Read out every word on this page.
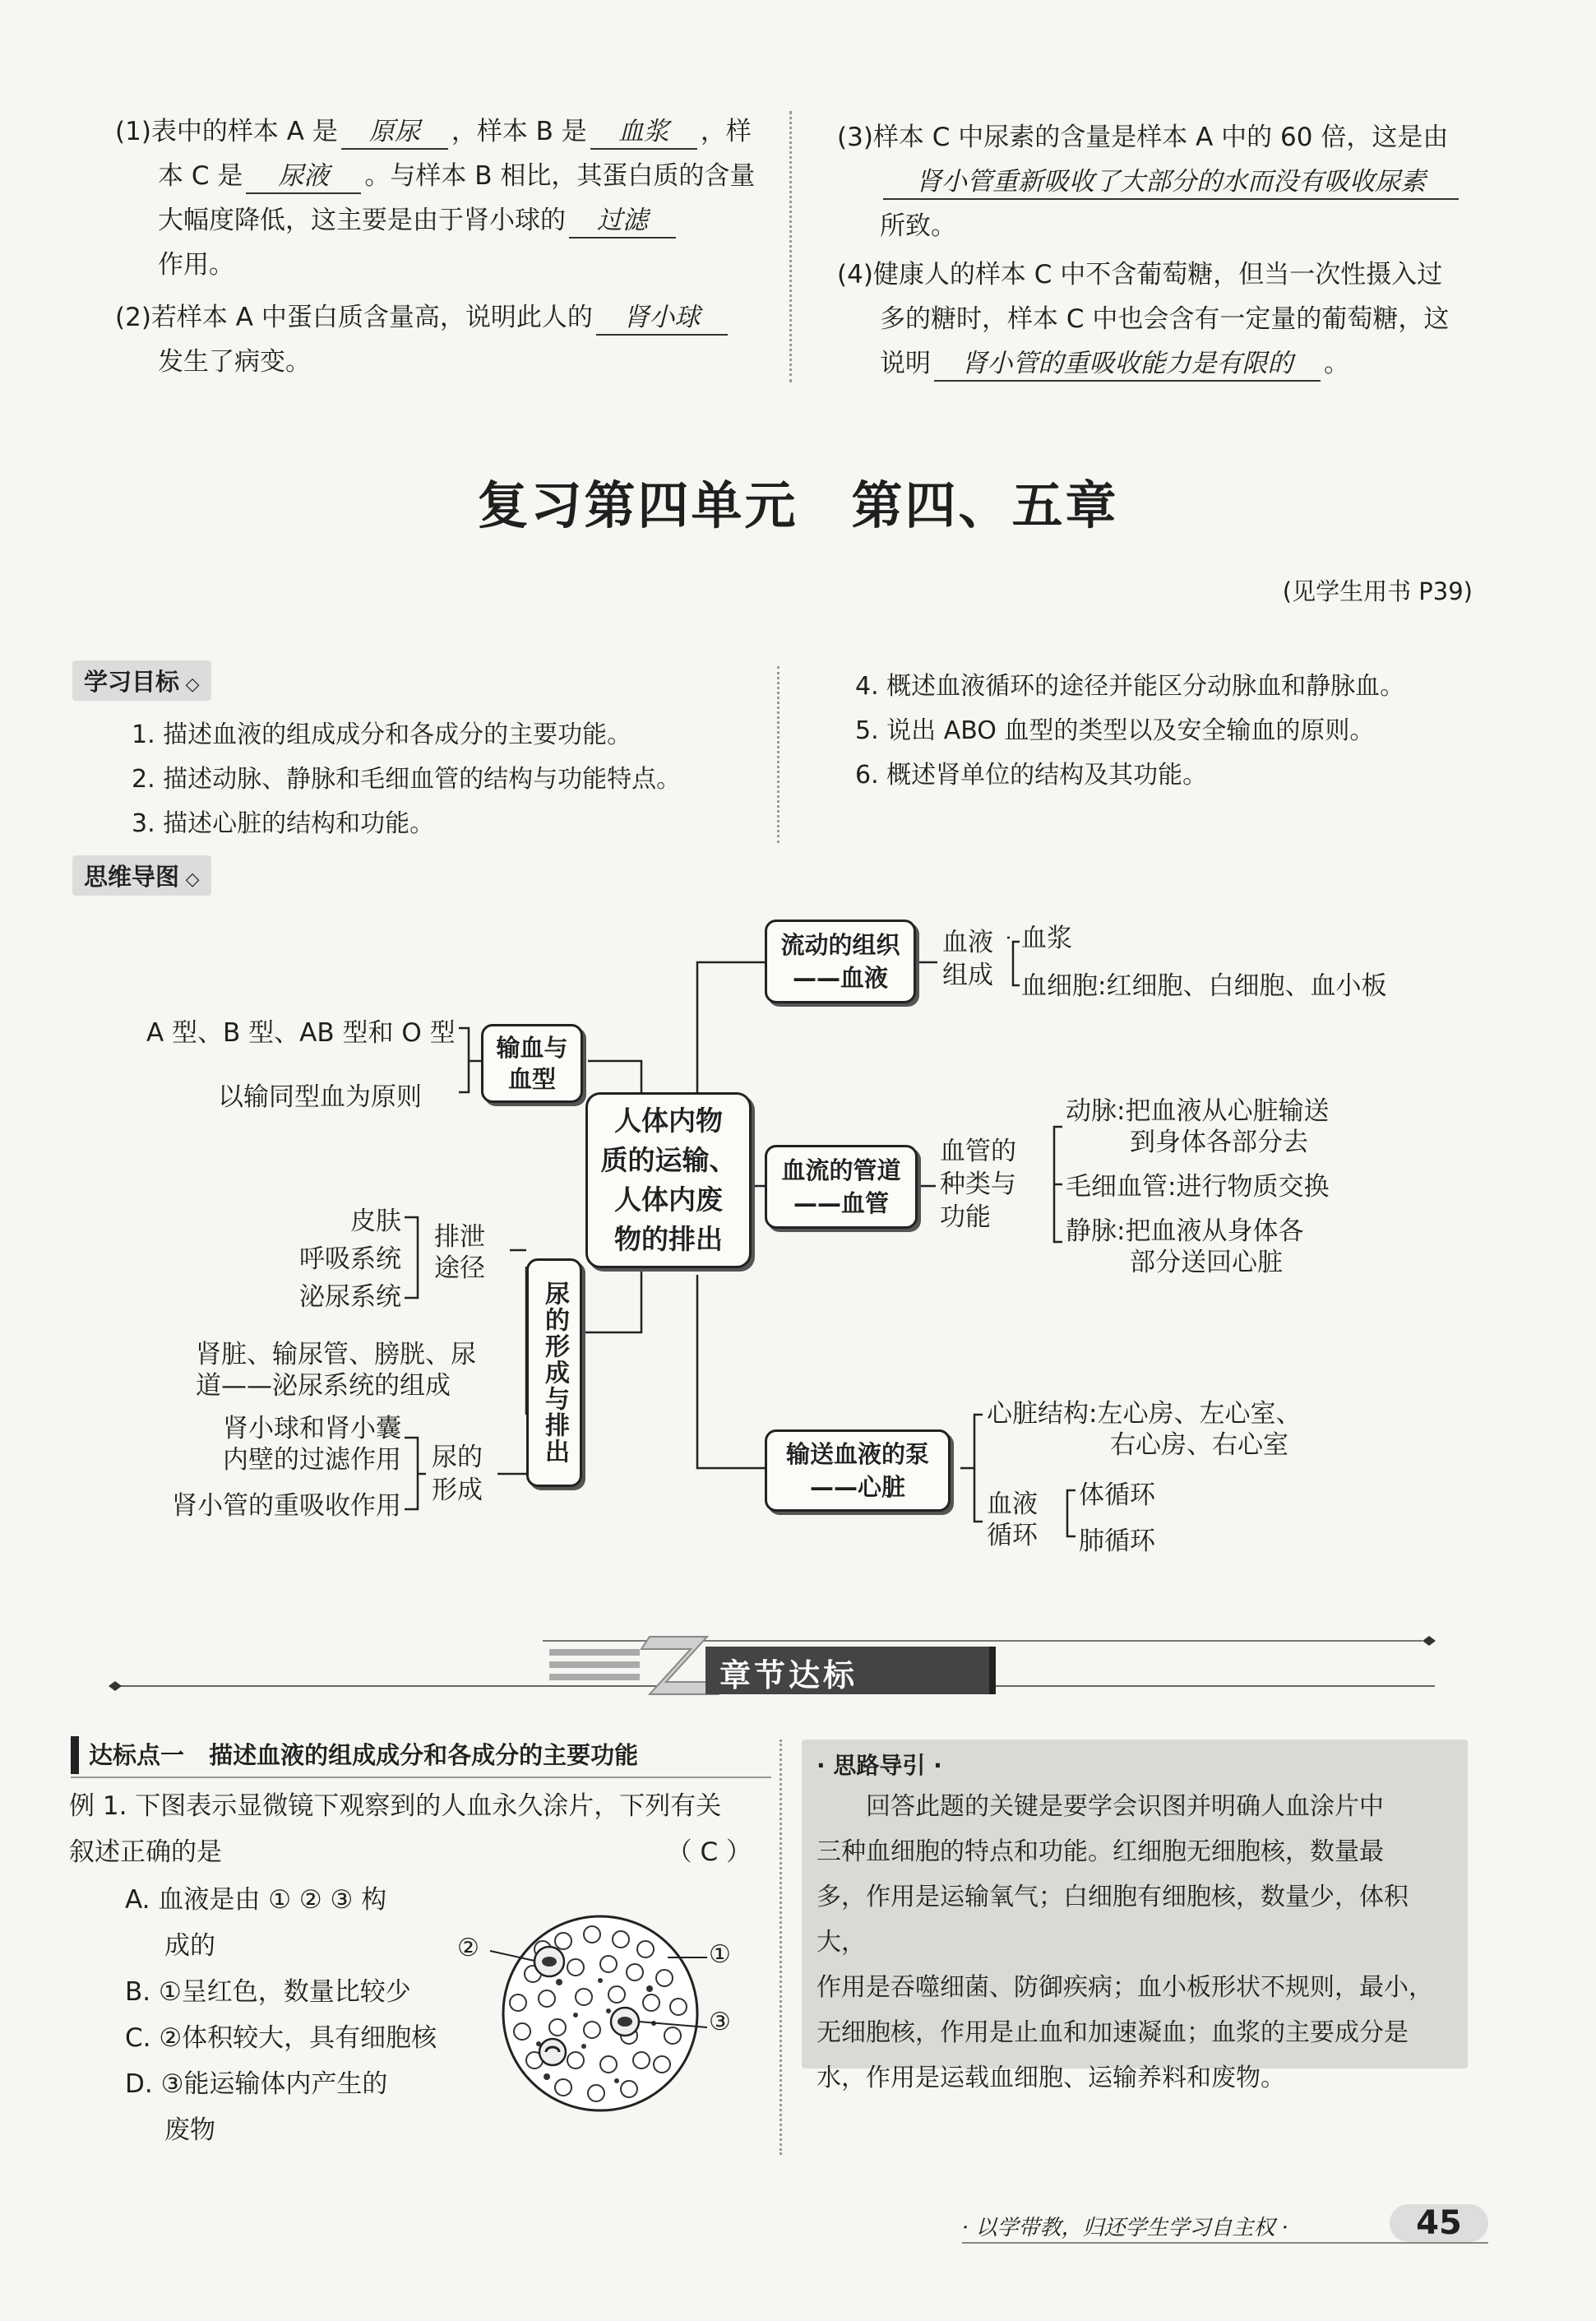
(1)表中的样本 A 是 原尿 ，样本 B 是 血浆 ，样
本 C 是 尿液 。与样本 B 相比，其蛋白质的含量
大幅度降低，这主要是由于肾小球的 过滤
作用。
(2)若样本 A 中蛋白质含量高，说明此人的 肾小球
发生了病变。
(3)样本 C 中尿素的含量是样本 A 中的 60 倍，这是由
肾小管重新吸收了大部分的水而没有吸收尿素
所致。
(4)健康人的样本 C 中不含葡萄糖，但当一次性摄入过
多的糖时，样本 C 中也会含有一定量的葡萄糖，这
说明 肾小管的重吸收能力是有限的 。
复习第四单元　第四、五章
(见学生用书 P39)
学习目标 ◇
1. 描述血液的组成成分和各成分的主要功能。
2. 描述动脉、静脉和毛细血管的结构与功能特点。
3. 描述心脏的结构和功能。
4. 概述血液循环的途径并能区分动脉血和静脉血。
5. 说出 ABO 血型的类型以及安全输血的原则。
6. 概述肾单位的结构及其功能。
思维导图 ◇
人体内物
质的运输、
人体内废
物的排出
流动的组织
——血液
血液
组成
血浆
血细胞:红细胞、白细胞、血小板
血流的管道
——血管
血管的
种类与
功能
动脉:把血液从心脏输送
到身体各部分去
毛细血管:进行物质交换
静脉:把血液从身体各
部分送回心脏
输送血液的泵
——心脏
心脏结构:左心房、左心室、
右心房、右心室
血液
循环
体循环
肺循环
输血与
血型
A 型、B 型、AB 型和 O 型
以输同型血为原则
尿的形成与排出
皮肤
呼吸系统
泌尿系统
排泄
途径
肾脏、输尿管、膀胱、尿
道——泌尿系统的组成
肾小球和肾小囊
内壁的过滤作用
肾小管的重吸收作用
尿的
形成
章节达标
达标点一 描述血液的组成成分和各成分的主要功能
例 1. 下图表示显微镜下观察到的人血永久涂片，下列有关
叙述正确的是	（ C ）
A. 血液是由 ① ② ③ 构
成的
B. ①呈红色，数量比较少
C. ②体积较大，具有细胞核
D. ③能运输体内产生的
废物
②	①
③
· 思路导引 ·

回答此题的关键是要学会识图并明确人血涂片中

三种血细胞的特点和功能。红细胞无细胞核，数量最

多，作用是运输氧气；白细胞有细胞核，数量少，体积大，

作用是吞噬细菌、防御疾病；血小板形状不规则，最小，

无细胞核，作用是止血和加速凝血；血浆的主要成分是

水，作用是运载血细胞、运输养料和废物。

· 以学带教，归还学生学习自主权 ·	45
